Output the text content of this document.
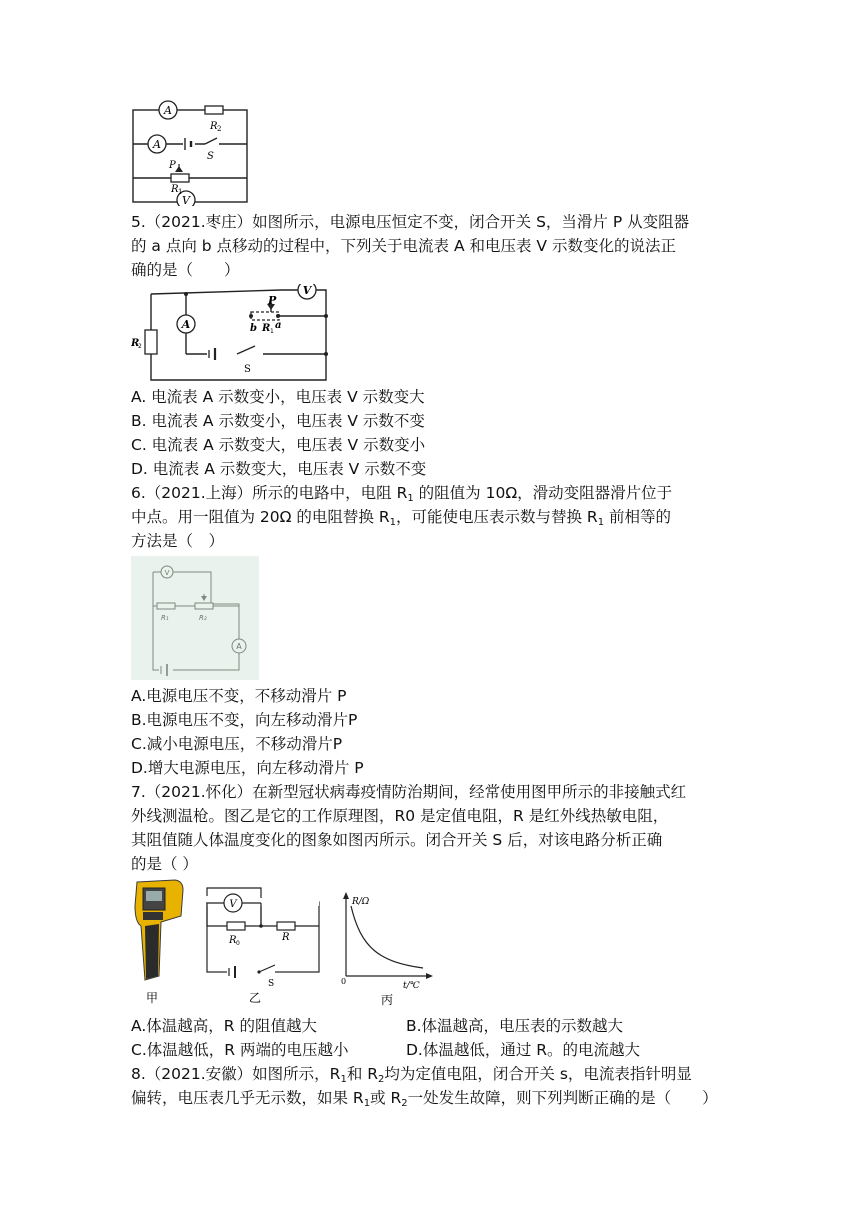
A
R 2
A
S
P
R 1
V
5.（2021.枣庄）如图所示，电源电压恒定不变，闭合开关 S，当滑片 P 从变阻器
的 a 点向 b 点移动的过程中，下列关于电流表 A 和电压表 V 示数变化的说法正
确的是（　　）
R
2
A
P
V
b R 1
a
S
A. 电流表 A 示数变小，电压表 V 示数变大
B. 电流表 A 示数变小，电压表 V 示数不变
C. 电流表 A 示数变大，电压表 V 示数变小
D. 电流表 A 示数变大，电压表 V 示数不变
6.（2021.上海）所示的电路中，电阻 $R_1$ 的阻值为 10Ω，滑动变阻器滑片位于
中点。用一阻值为 20Ω 的电阻替换 $R_1$，可能使电压表示数与替换 $R_1$ 前相等的
方法是（　）
V
R₁	R₂
A
A.电源电压不变，不移动滑片 P
B.电源电压不变，向左移动滑片P
C.减小电源电压，不移动滑片P
D.增大电源电压，向左移动滑片 P
7.（2021.怀化）在新型冠状病毒疫情防治期间，经常使用图甲所示的非接触式红
外线测温枪。图乙是它的工作原理图，R0 是定值电阻，R 是红外线热敏电阻，
其阻值随人体温度变化的图象如图丙所示。闭合开关 S 后，对该电路分析正确
的是（ ）
甲
V
R 0
R
S
乙
R/Ω
t/℃
0
丙
A.体温越高，R 的阻值越大	B.体温越高，电压表的示数越大
C.体温越低，R 两端的电压越小	D.体温越低，通过 R。的电流越大
8.（2021.安徽）如图所示，$R_1$和 $R_2$均为定值电阻，闭合开关 s，电流表指针明显
偏转，电压表几乎无示数，如果 $R_1$或 $R_2$一处发生故障，则下列判断正确的是（　　）
